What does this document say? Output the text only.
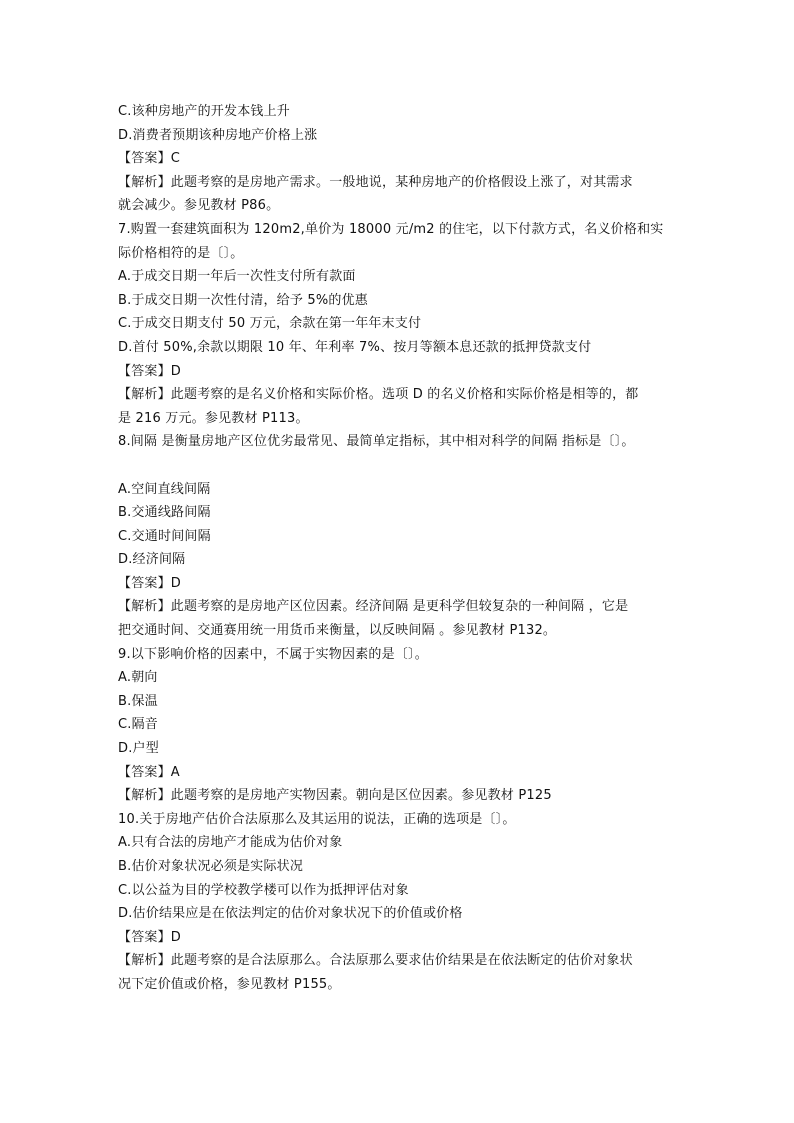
C.该种房地产的开发本钱上升
D.消费者预期该种房地产价格上涨
【答案】C
【解析】此题考察的是房地产需求。一般地说，某种房地产的价格假设上涨了，对其需求
就会减少。参见教材 P86。
7.购置一套建筑面积为 120m2,单价为 18000 元/m2 的住宅，以下付款方式，名义价格和实
际价格相符的是〔〕。
A.于成交日期一年后一次性支付所有款面
B.于成交日期一次性付清，给予 5%的优惠
C.于成交日期支付 50 万元，余款在第一年年末支付
D.首付 50%,余款以期限 10 年、年利率 7%、按月等额本息还款的抵押贷款支付
【答案】D
【解析】此题考察的是名义价格和实际价格。选项 D 的名义价格和实际价格是相等的，都
是 216 万元。参见教材 P113。
8.间隔 是衡量房地产区位优劣最常见、最简单定指标，其中相对科学的间隔 指标是〔〕。
A.空间直线间隔
B.交通线路间隔
C.交通时间间隔
D.经济间隔
【答案】D
【解析】此题考察的是房地产区位因素。经济间隔 是更科学但较复杂的一种间隔 ，它是
把交通时间、交通赛用统一用货币来衡量，以反映间隔 。参见教材 P132。
9.以下影响价格的因素中，不属于实物因素的是〔〕。
A.朝向
B.保温
C.隔音
D.户型
【答案】A
【解析】此题考察的是房地产实物因素。朝向是区位因素。参见教材 P125
10.关于房地产估价合法原那么及其运用的说法，正确的选项是〔〕。
A.只有合法的房地产才能成为估价对象
B.估价对象状况必须是实际状况
C.以公益为目的学校教学楼可以作为抵押评估对象
D.估价结果应是在依法判定的估价对象状况下的价值或价格
【答案】D
【解析】此题考察的是合法原那么。合法原那么要求估价结果是在依法断定的估价对象状
况下定价值或价格，参见教材 P155。
